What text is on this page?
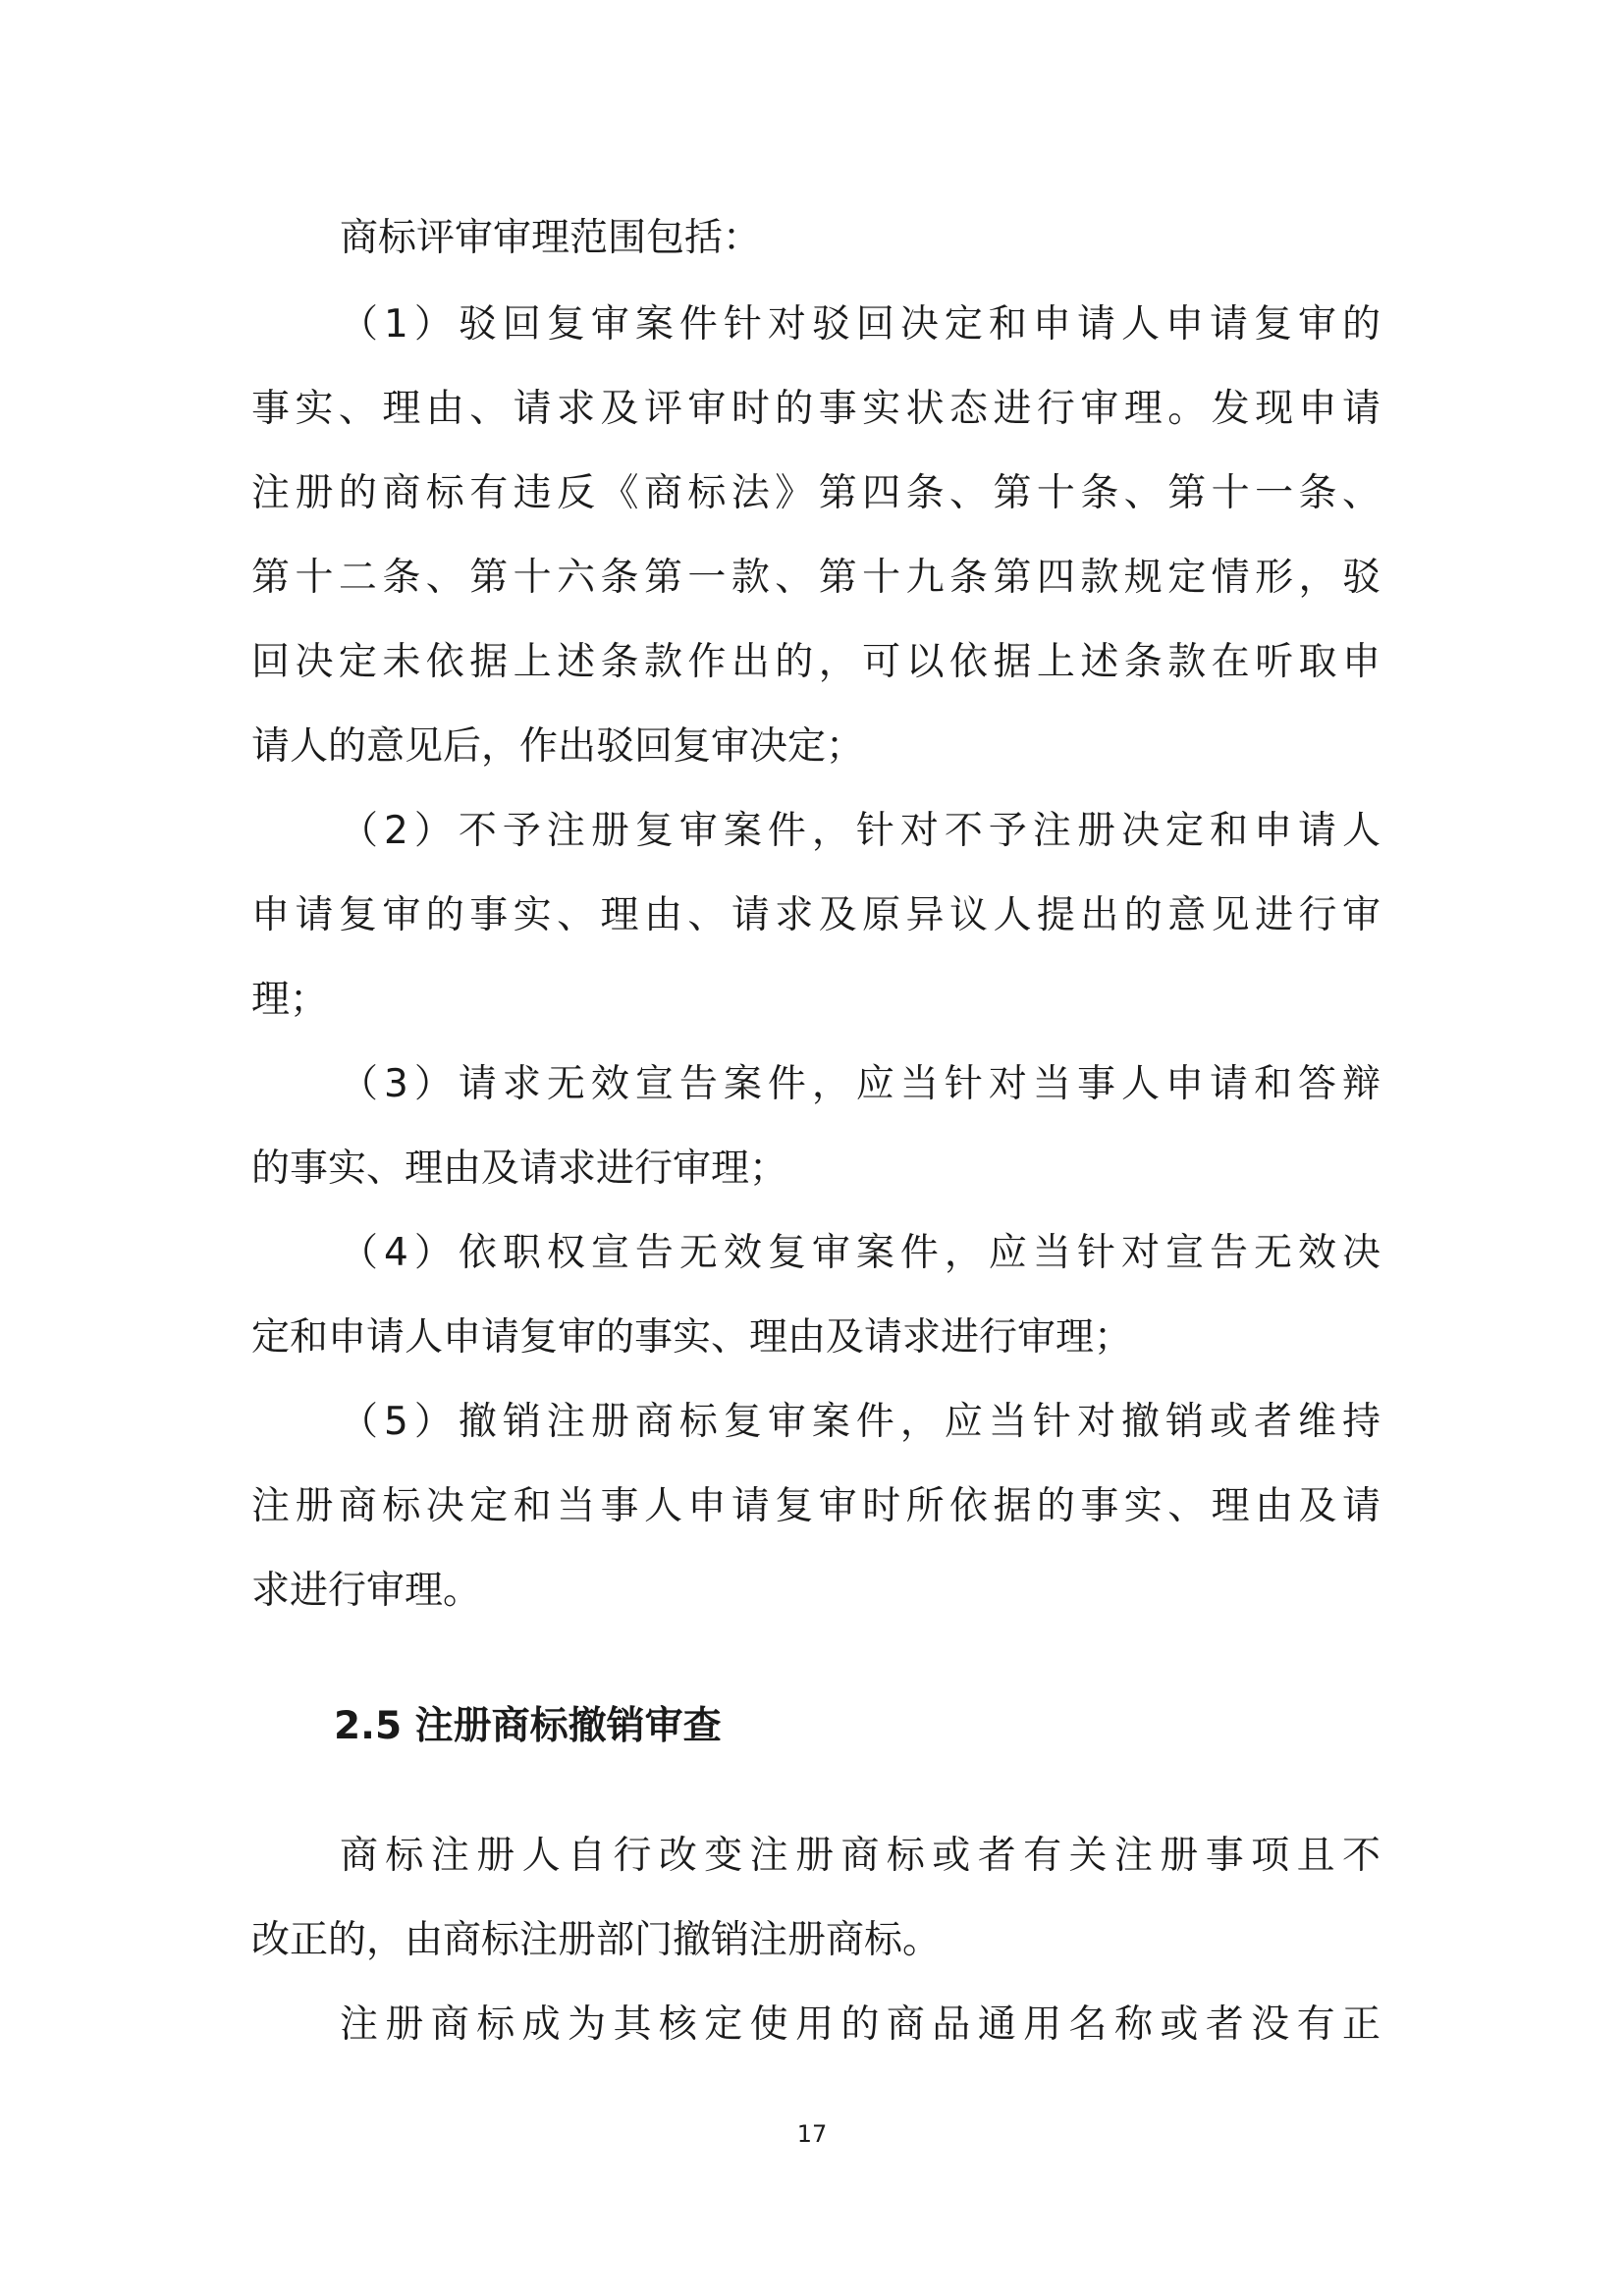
商标评审审理范围包括：
（1）驳回复审案件针对驳回决定和申请人申请复审的
事实、理由、请求及评审时的事实状态进行审理。发现申请
注册的商标有违反《商标法》第四条、第十条、第十一条、
第十二条、第十六条第一款、第十九条第四款规定情形，驳
回决定未依据上述条款作出的，可以依据上述条款在听取申
请人的意见后，作出驳回复审决定；
（2）不予注册复审案件，针对不予注册决定和申请人
申请复审的事实、理由、请求及原异议人提出的意见进行审
理；
（3）请求无效宣告案件，应当针对当事人申请和答辩
的事实、理由及请求进行审理；
（4）依职权宣告无效复审案件，应当针对宣告无效决
定和申请人申请复审的事实、理由及请求进行审理；
（5）撤销注册商标复审案件，应当针对撤销或者维持
注册商标决定和当事人申请复审时所依据的事实、理由及请
求进行审理。
2.5 注册商标撤销审查
商标注册人自行改变注册商标或者有关注册事项且不
改正的，由商标注册部门撤销注册商标。
注册商标成为其核定使用的商品通用名称或者没有正
17
